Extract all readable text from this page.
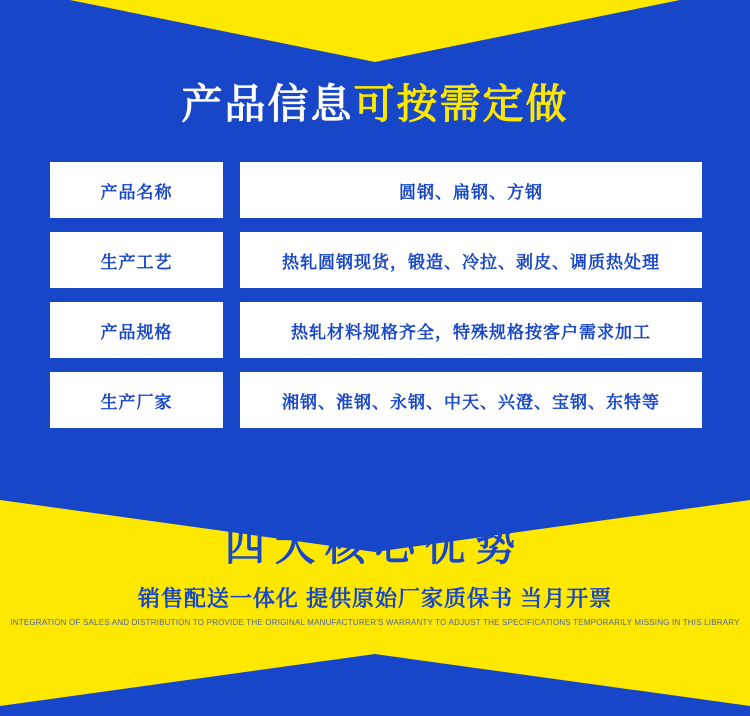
产品信息可按需定做
产品名称	圆钢、扁钢、方钢
生产工艺	热轧圆钢现货，锻造、冷拉、剥皮、调质热处理
产品规格	热轧材料规格齐全，特殊规格按客户需求加工
生产厂家	湘钢、淮钢、永钢、中天、兴澄、宝钢、东特等
四大核心优势
销售配送一体化 提供原始厂家质保书 当月开票
INTEGRATION OF SALES AND DISTRIBUTION TO PROVIDE THE ORIGINAL MANUFACTURER'S WARRANTY TO ADJUST THE SPECIFICATIONS TEMPORARILY MISSING IN THIS LIBRARY
